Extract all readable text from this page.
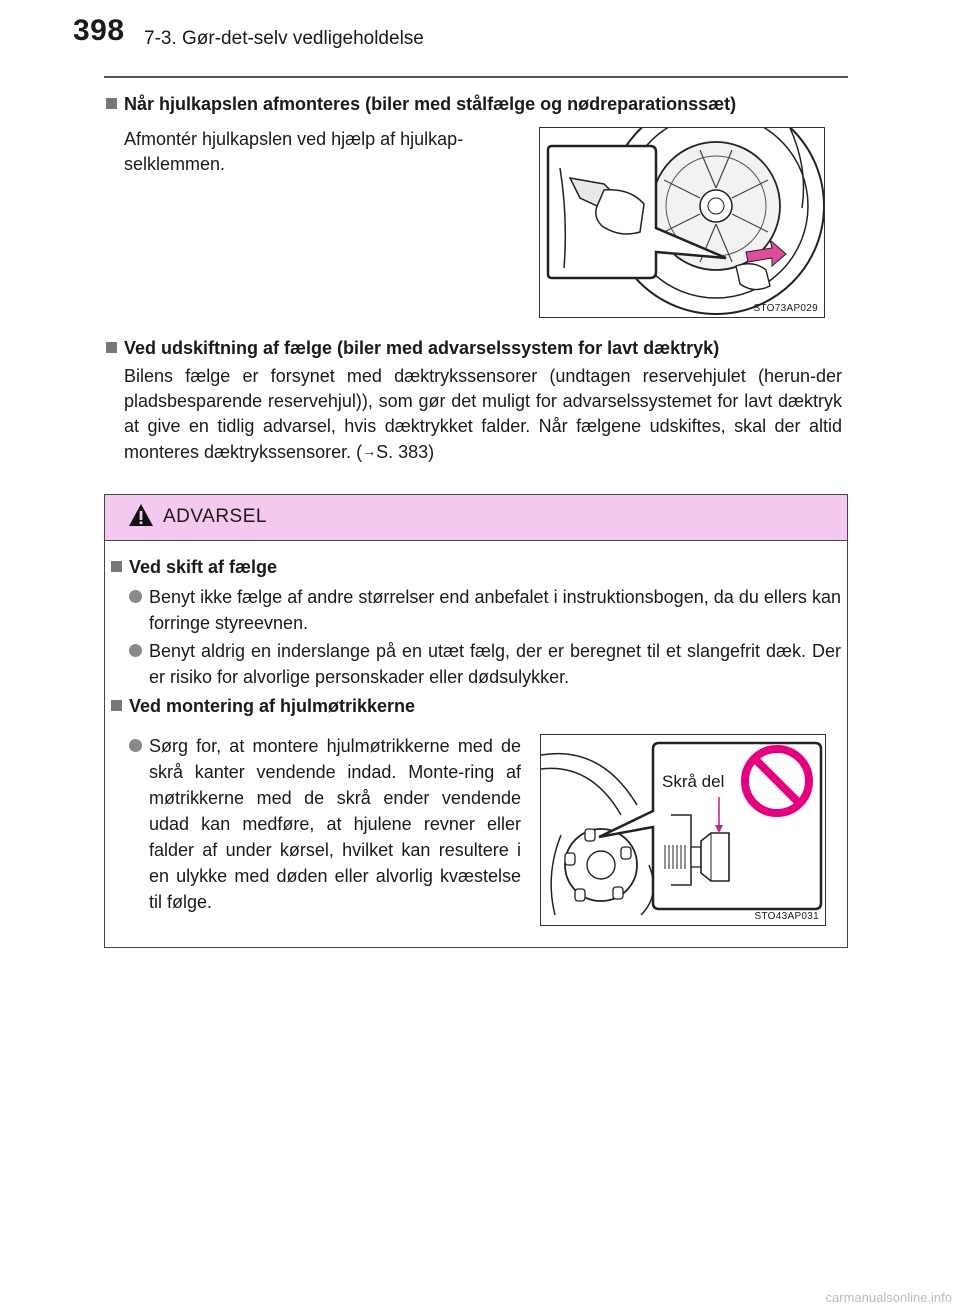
398 7-3. Gør-det-selv vedligeholdelse
Når hjulkapslen afmonteres (biler med stålfælge og nødreparationssæt)
Afmontér hjulkapslen ved hjælp af hjulkap-
selklemmen.
STO73AP029
Ved udskiftning af fælge (biler med advarselssystem for lavt dæktryk)
Bilens fælge er forsynet med dæktrykssensorer (undtagen reservehjulet (herun-der pladsbesparende reservehjul)), som gør det muligt for advarselssystemet for lavt dæktryk at give en tidlig advarsel, hvis dæktrykket falder. Når fælgene udskiftes, skal der altid monteres dæktrykssensorer. (→S. 383)
ADVARSEL
Ved skift af fælge
Benyt ikke fælge af andre størrelser end anbefalet i instruktionsbogen, da du ellers kan forringe styreevnen.
Benyt aldrig en inderslange på en utæt fælg, der er beregnet til et slangefrit dæk. Der er risiko for alvorlige personskader eller dødsulykker.
Ved montering af hjulmøtrikkerne
Sørg for, at montere hjulmøtrikkerne med de skrå kanter vendende indad. Monte-ring af møtrikkerne med de skrå ender vendende udad kan medføre, at hjulene revner eller falder af under kørsel, hvilket kan resultere i en ulykke med døden eller alvorlig kvæstelse til følge.
Skrå del
STO43AP031
carmanualsonline.info
